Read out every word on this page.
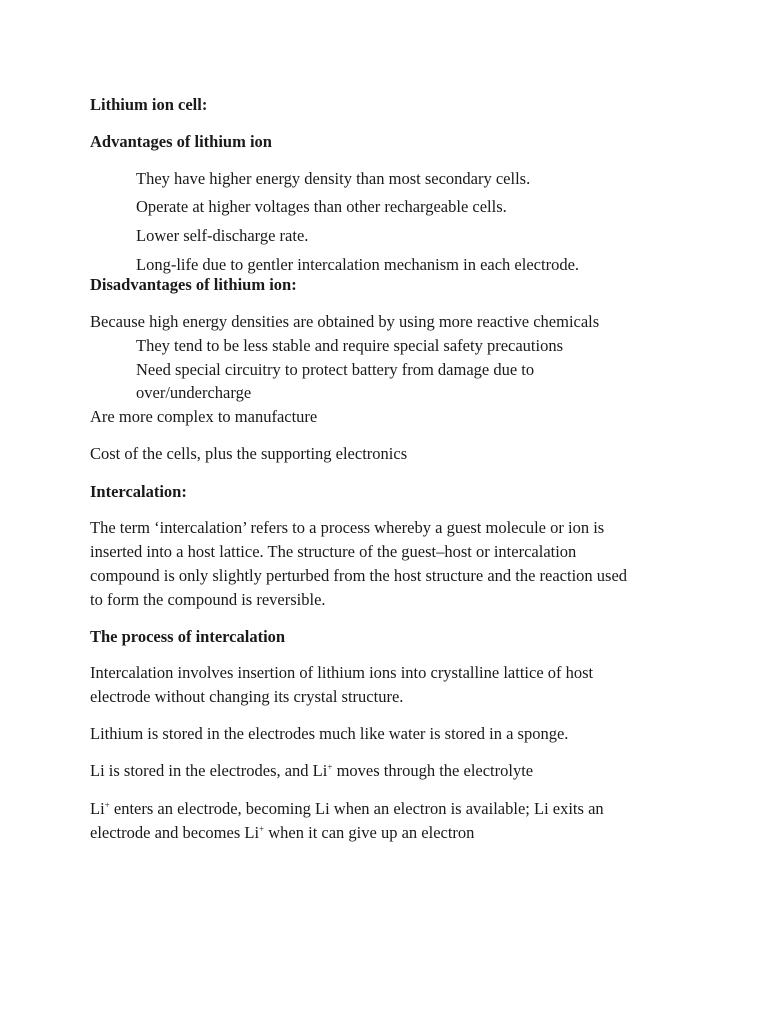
Lithium ion cell:
Advantages of lithium ion
They have higher energy density than most secondary cells.
Operate at higher voltages than other rechargeable cells.
Lower self-discharge rate.
Long-life due to gentler intercalation mechanism in each electrode.
Disadvantages of lithium ion:
Because high energy densities are obtained by using more reactive chemicals
They tend to be less stable and require special safety precautions
Need special circuitry to protect battery from damage due to
over/undercharge
Are more complex to manufacture
Cost of the cells, plus the supporting electronics
Intercalation:
The term ‘intercalation’ refers to a process whereby a guest molecule or ion is
inserted into a host lattice. The structure of the guest–host or intercalation
compound is only slightly perturbed from the host structure and the reaction used
to form the compound is reversible.
The process of intercalation
Intercalation involves insertion of lithium ions into crystalline lattice of host
electrode without changing its crystal structure.
Lithium is stored in the electrodes much like water is stored in a sponge.
Li is stored in the electrodes, and Li+ moves through the electrolyte
Li+ enters an electrode, becoming Li when an electron is available; Li exits an
electrode and becomes Li+ when it can give up an electron
